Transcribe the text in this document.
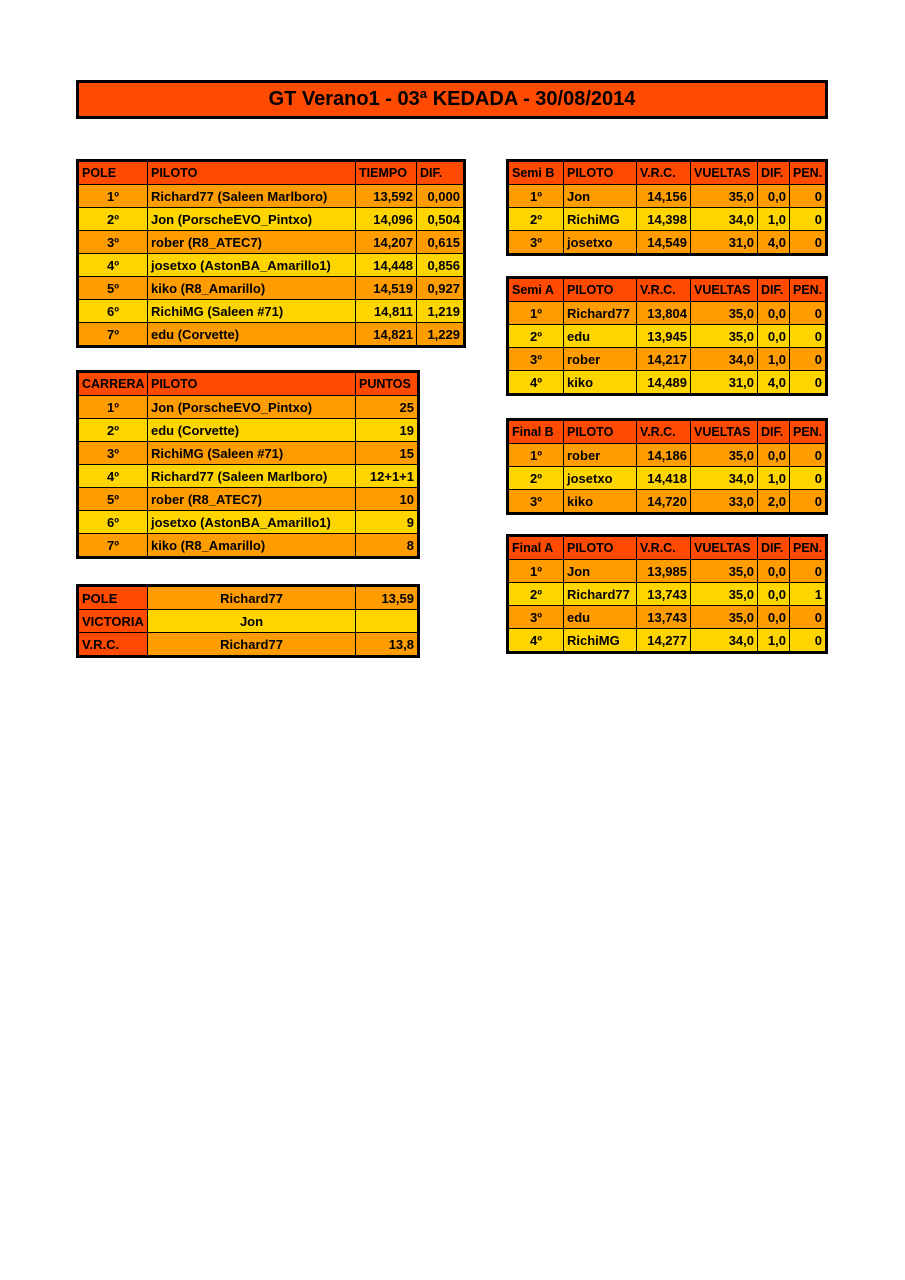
GT Verano1 - 03ª KEDADA - 30/08/2014
POLE	PILOTO	TIEMPO	DIF.
1º	Richard77 (Saleen Marlboro)	13,592	0,000
2º	Jon (PorscheEVO_Pintxo)	14,096	0,504
3º	rober (R8_ATEC7)	14,207	0,615
4º	josetxo (AstonBA_Amarillo1)	14,448	0,856
5º	kiko (R8_Amarillo)	14,519	0,927
6º	RichiMG (Saleen #71)	14,811	1,219
7º	edu (Corvette)	14,821	1,229
CARRERA	PILOTO	PUNTOS
1º	Jon (PorscheEVO_Pintxo)	25
2º	edu (Corvette)	19
3º	RichiMG (Saleen #71)	15
4º	Richard77 (Saleen Marlboro)	12+1+1
5º	rober (R8_ATEC7)	10
6º	josetxo (AstonBA_Amarillo1)	9
7º	kiko (R8_Amarillo)	8
POLE	Richard77	13,59
VICTORIA	Jon	
V.R.C.	Richard77	13,8
Semi B	PILOTO	V.R.C.	VUELTAS	DIF.	PEN.
1º	Jon	14,156	35,0	0,0	0
2º	RichiMG	14,398	34,0	1,0	0
3º	josetxo	14,549	31,0	4,0	0
Semi A	PILOTO	V.R.C.	VUELTAS	DIF.	PEN.
1º	Richard77	13,804	35,0	0,0	0
2º	edu	13,945	35,0	0,0	0
3º	rober	14,217	34,0	1,0	0
4º	kiko	14,489	31,0	4,0	0
Final B	PILOTO	V.R.C.	VUELTAS	DIF.	PEN.
1º	rober	14,186	35,0	0,0	0
2º	josetxo	14,418	34,0	1,0	0
3º	kiko	14,720	33,0	2,0	0
Final A	PILOTO	V.R.C.	VUELTAS	DIF.	PEN.
1º	Jon	13,985	35,0	0,0	0
2º	Richard77	13,743	35,0	0,0	1
3º	edu	13,743	35,0	0,0	0
4º	RichiMG	14,277	34,0	1,0	0
